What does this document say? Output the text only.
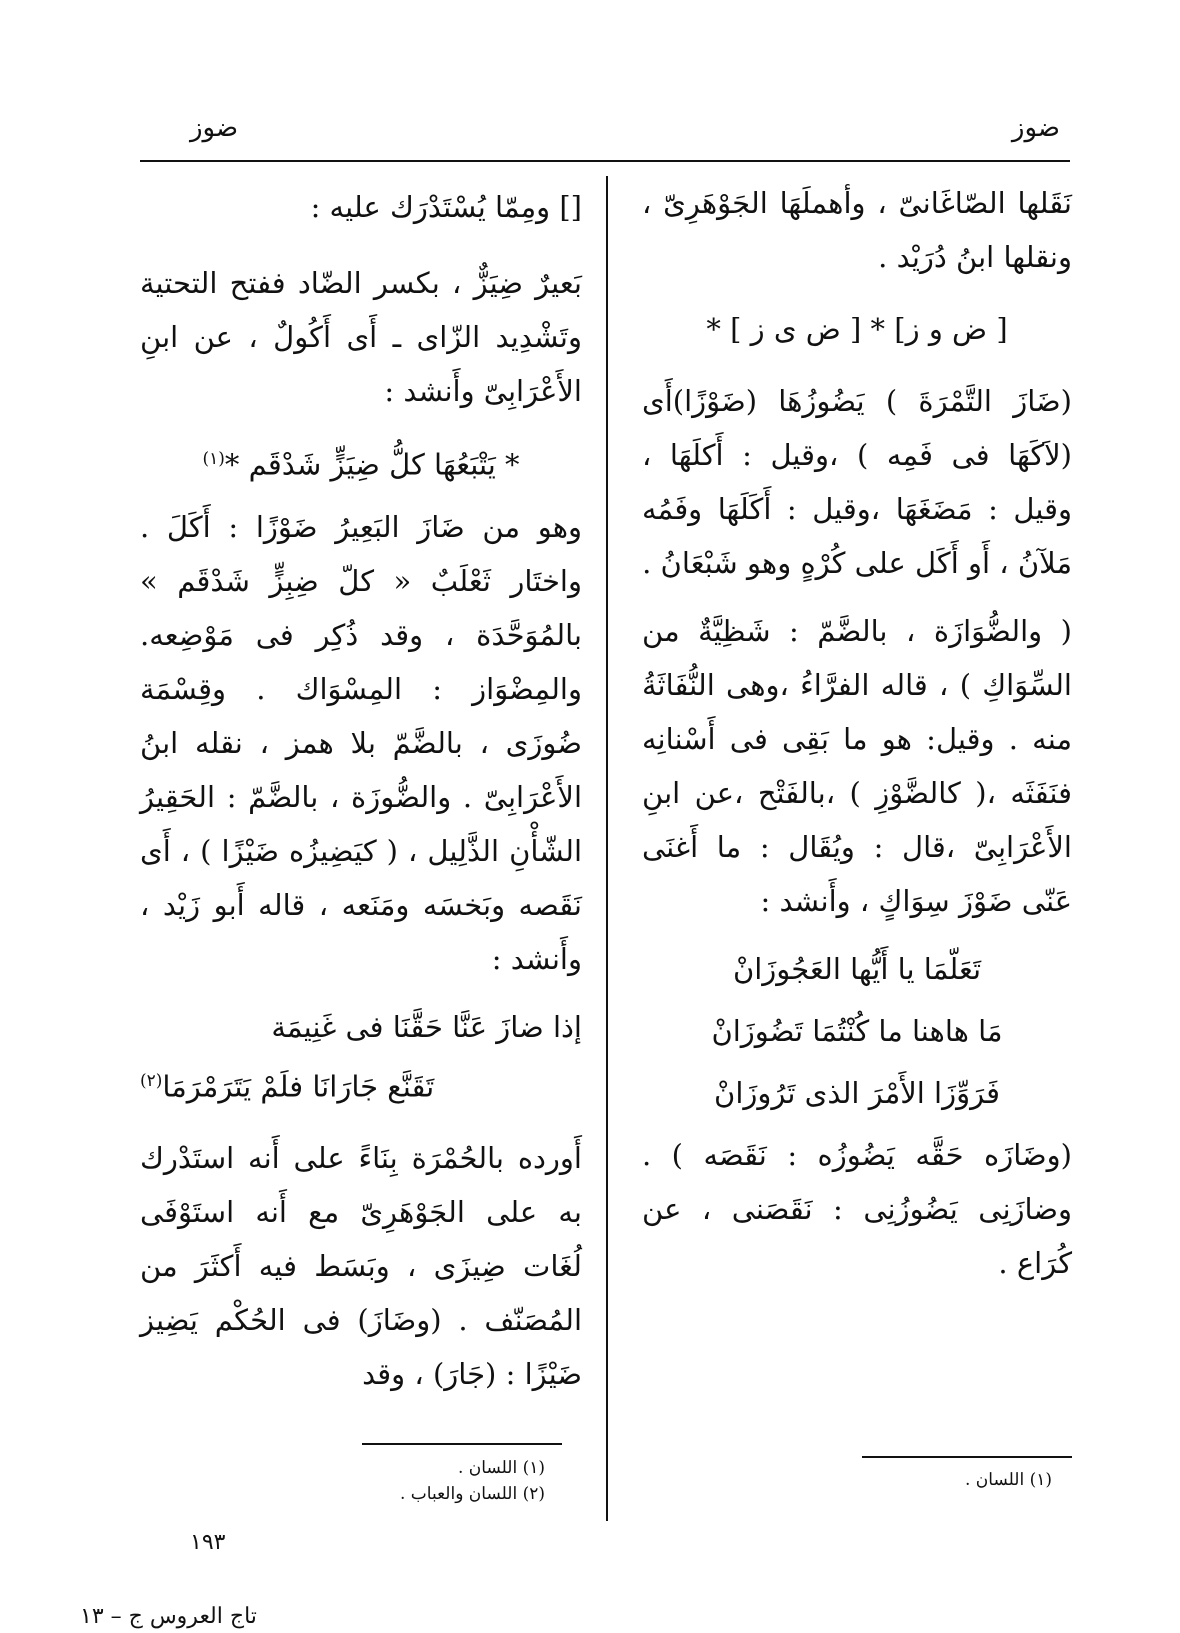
ضوز
ضوز

نَقَلها الصّاغَانىّ ، وأهملَهَا الجَوْهَرِىّ ، ونقلها ابنُ دُرَيْد .

[ ض و ز] * [ ض ى ز ] *

(ضَازَ التَّمْرَةَ ) يَضُوزُهَا (ضَوْزًا)أَى (لاَكَهَا فى فَمِه ) ،وقيل : أَكلَهَا ، وقيل : مَضَغَهَا ،وقيل : أَكَلَهَا وفَمُه مَلآنُ ، أَو أَكَل على كُرْهٍ وهو شَبْعَانُ .

( والضُّوَازَة ، بالضَّمّ : شَظِيَّةٌ من السِّوَاكِ ) ، قاله الفرَّاءُ ،وهى النُّفَاثَةُ منه . وقيل: هو ما بَقِى فى أَسْنانِه فنَفَثَه ،( كالضَّوْزِ ) ،بالفَتْح ،عن ابنِ الأَعْرَابِىّ ،قال : ويُقَال : ما أَغنَى عَنّى ضَوْزَ سِوَاكٍ ، وأَنشد :

تَعَلّمَا يا أَيُّها العَجُوزَانْ

مَا هاهنا ما كُنْتُمَا تَضُوزَانْ

فَرَوِّزَا الأَمْرَ الذى تَرُوزَانْ

(وضَازَه حَقَّه يَضُوزُه : نَقَصَه ) . وضازَنِى يَضُوزُنِى : نَقَصَنى ، عن كُرَاع .

(١) اللسان .

[] ومِمّا يُسْتَدْرَك عليه :

بَعيرٌ ضِيَزٌّ ، بكسر الضّاد ففتح التحتية وتَشْدِيد الزّاى ـ أَى أَكُولٌ ، عن ابنِ الأَعْرَابِىّ وأَنشد :

* يَتْبَعُهَا كلُّ ضِيَزٍّ شَدْقَم *$^{(١)}$

وهو من ضَازَ البَعِيرُ ضَوْزًا : أَكَلَ . واختَار ثَعْلَبٌ « كلّ ضِبِزٍّ شَدْقَم » بالمُوَحَّدَة ، وقد ذُكِر فى مَوْضِعه. والمِضْوَاز : المِسْوَاك . وقِسْمَة ضُوزَى ، بالضَّمّ بلا همز ، نقله ابنُ الأَعْرَابِىّ . والضُّوزَة ، بالضَّمّ : الحَقِيرُ الشّأْنِ الذَّلِيل ، ( كيَضِيزُه ضَيْزًا ) ، أَى نَقَصه وبَخسَه ومَنَعه ، قاله أَبو زَيْد ، وأَنشد :

إذا ضازَ عَنَّا حَقَّنَا فى غَنِيمَة

تَقَنَّع جَارَانَا فلَمْ يَتَرَمْرَمَا$^{(٢)}$

أَورده بالحُمْرَة بِنَاءً على أَنه استَدْرك به على الجَوْهَرِىّ مع أَنه استَوْفَى لُغَات ضِيزَى ، وبَسَط فيه أَكثَرَ من المُصَنّف . (وضَازَ) فى الحُكْم يَضِيز ضَيْزًا : (جَارَ) ، وقد

(١) اللسان .
(٢) اللسان والعباب .
١٩٣
تاج العروس ج – ١٣
